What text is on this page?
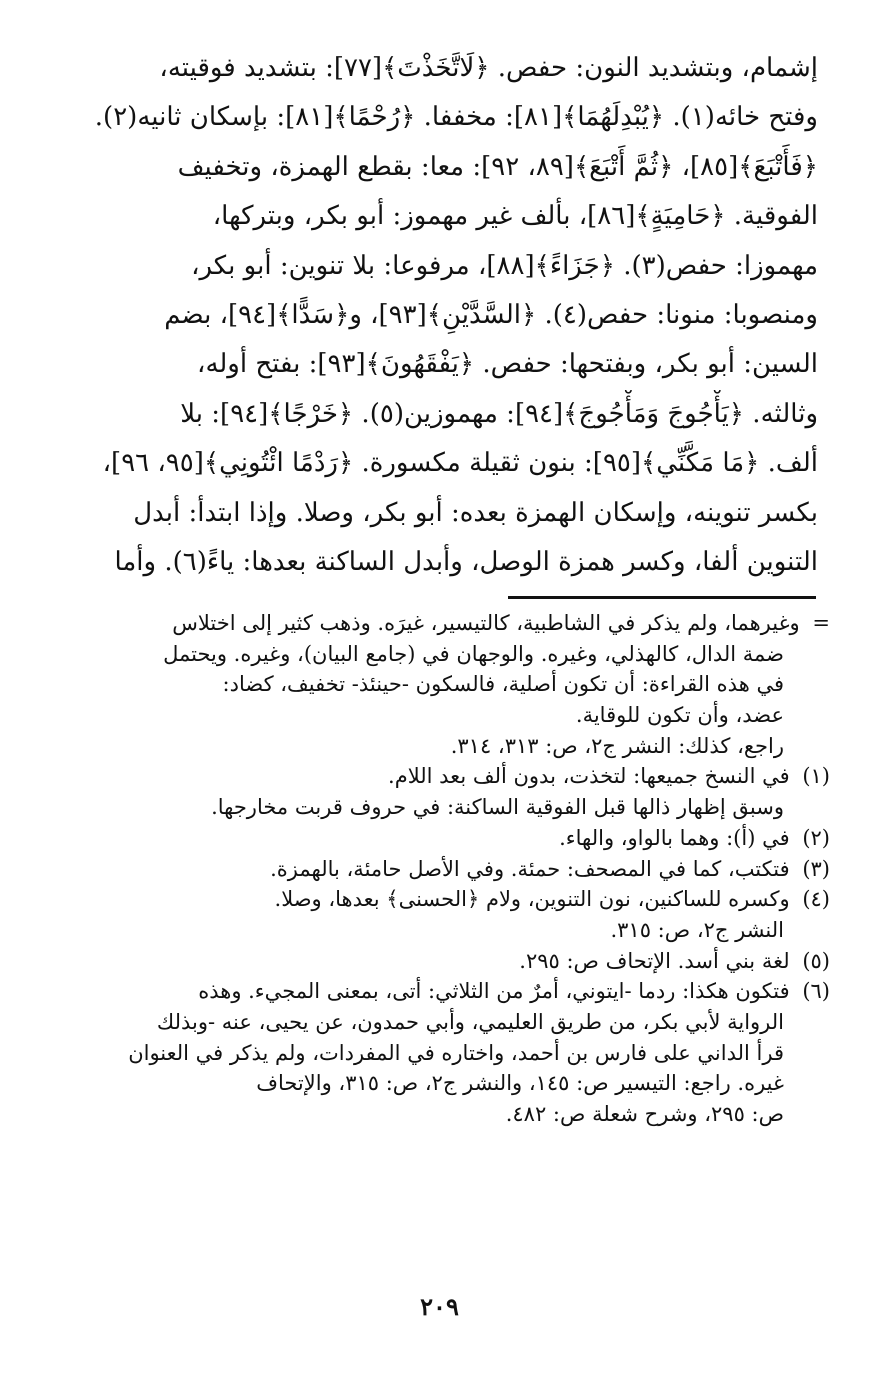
إشمام، وبتشديد النون: حفص. ﴿لَاتَّخَذْتَ﴾[٧٧]: بتشديد فوقيته،
وفتح خائه(١). ﴿يُبْدِلَهُمَا﴾[٨١]: مخففا. ﴿رُحْمًا﴾[٨١]: بإسكان ثانيه(٢).
﴿فَأَتْبَعَ﴾[٨٥]، ﴿ثُمَّ أَتْبَعَ﴾[٨٩، ٩٢]: معا: بقطع الهمزة، وتخفيف
الفوقية. ﴿حَامِيَةٍ﴾[٨٦]، بألف غير مهموز: أبو بكر، وبتركها،
مهموزا: حفص(٣). ﴿جَزَاءً﴾[٨٨]، مرفوعا: بلا تنوين: أبو بكر،
ومنصوبا: منونا: حفص(٤). ﴿السَّدَّيْنِ﴾[٩٣]، و﴿سَدًّا﴾[٩٤]، بضم
السين: أبو بكر، وبفتحها: حفص. ﴿يَفْقَهُونَ﴾[٩٣]: بفتح أوله،
وثالثه. ﴿يَأْجُوجَ وَمَأْجُوجَ﴾[٩٤]: مهموزين(٥). ﴿خَرْجًا﴾[٩٤]: بلا
ألف. ﴿مَا مَكَّنِّي﴾[٩٥]: بنون ثقيلة مكسورة. ﴿رَدْمًا ائْتُونِي﴾[٩٥، ٩٦]،
بكسر تنوينه، وإسكان الهمزة بعده: أبو بكر، وصلا. وإذا ابتدأ: أبدل
التنوين ألفا، وكسر همزة الوصل، وأبدل الساكنة بعدها: ياءً(٦). وأما
= وغيرهما، ولم يذكر في الشاطبية، كالتيسير، غيرَه. وذهب كثير إلى اختلاس
ضمة الدال، كالهذلي، وغيره. والوجهان في (جامع البيان)، وغيره. ويحتمل
في هذه القراءة: أن تكون أصلية، فالسكون -حينئذ- تخفيف، كضاد:
عضد، وأن تكون للوقاية.
راجع، كذلك: النشر ج٢، ص: ٣١٣، ٣١٤.
(١) في النسخ جميعها: لتخذت، بدون ألف بعد اللام.
وسبق إظهار ذالها قبل الفوقية الساكنة: في حروف قربت مخارجها.
(٢) في (أ): وهما بالواو، والهاء.
(٣) فتكتب، كما في المصحف: حمئة. وفي الأصل حامئة، بالهمزة.
(٤) وكسره للساكنين، نون التنوين، ولام ﴿الحسنى﴾ بعدها، وصلا.
النشر ج٢، ص: ٣١٥.
(٥) لغة بني أسد. الإتحاف ص: ٢٩٥.
(٦) فتكون هكذا: ردما -ايتوني، أمرٌ من الثلاثي: أتى، بمعنى المجيء. وهذه
الرواية لأبي بكر، من طريق العليمي، وأبي حمدون، عن يحيى، عنه -وبذلك
قرأ الداني على فارس بن أحمد، واختاره في المفردات، ولم يذكر في العنوان
غيره. راجع: التيسير ص: ١٤٥، والنشر ج٢، ص: ٣١٥، والإتحاف
ص: ٢٩٥، وشرح شعلة ص: ٤٨٢.
٢٠٩
